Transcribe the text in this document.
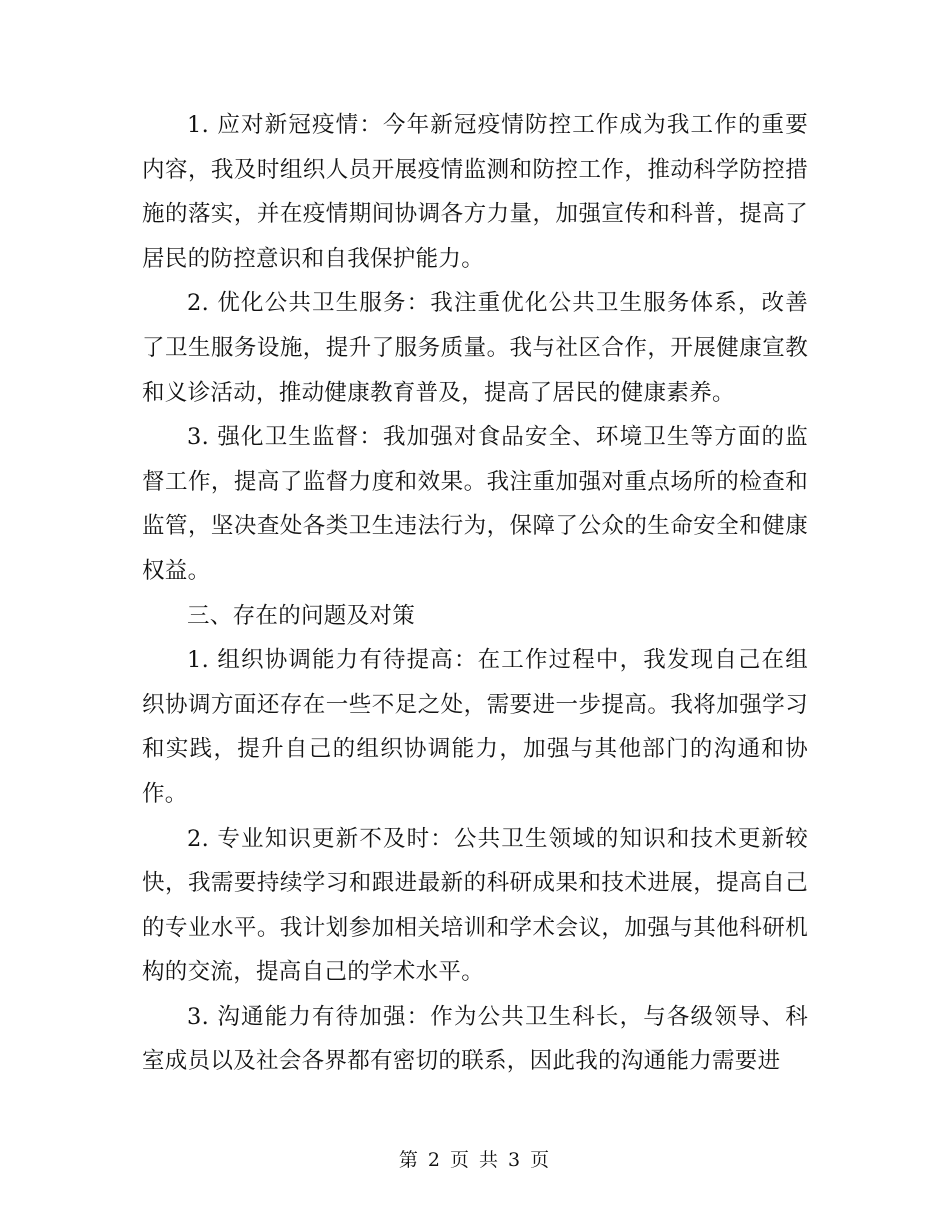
1. 应对新冠疫情：今年新冠疫情防控工作成为我工作的重要内容，我及时组织人员开展疫情监测和防控工作，推动科学防控措施的落实，并在疫情期间协调各方力量，加强宣传和科普，提高了居民的防控意识和自我保护能力。

2. 优化公共卫生服务：我注重优化公共卫生服务体系，改善了卫生服务设施，提升了服务质量。我与社区合作，开展健康宣教和义诊活动，推动健康教育普及，提高了居民的健康素养。

3. 强化卫生监督：我加强对食品安全、环境卫生等方面的监督工作，提高了监督力度和效果。我注重加强对重点场所的检查和监管，坚决查处各类卫生违法行为，保障了公众的生命安全和健康权益。

三、存在的问题及对策

1. 组织协调能力有待提高：在工作过程中，我发现自己在组织协调方面还存在一些不足之处，需要进一步提高。我将加强学习和实践，提升自己的组织协调能力，加强与其他部门的沟通和协作。

2. 专业知识更新不及时：公共卫生领域的知识和技术更新较快，我需要持续学习和跟进最新的科研成果和技术进展，提高自己的专业水平。我计划参加相关培训和学术会议，加强与其他科研机构的交流，提高自己的学术水平。

3. 沟通能力有待加强：作为公共卫生科长，与各级领导、科室成员以及社会各界都有密切的联系，因此我的沟通能力需要进

第 2 页 共 3 页
